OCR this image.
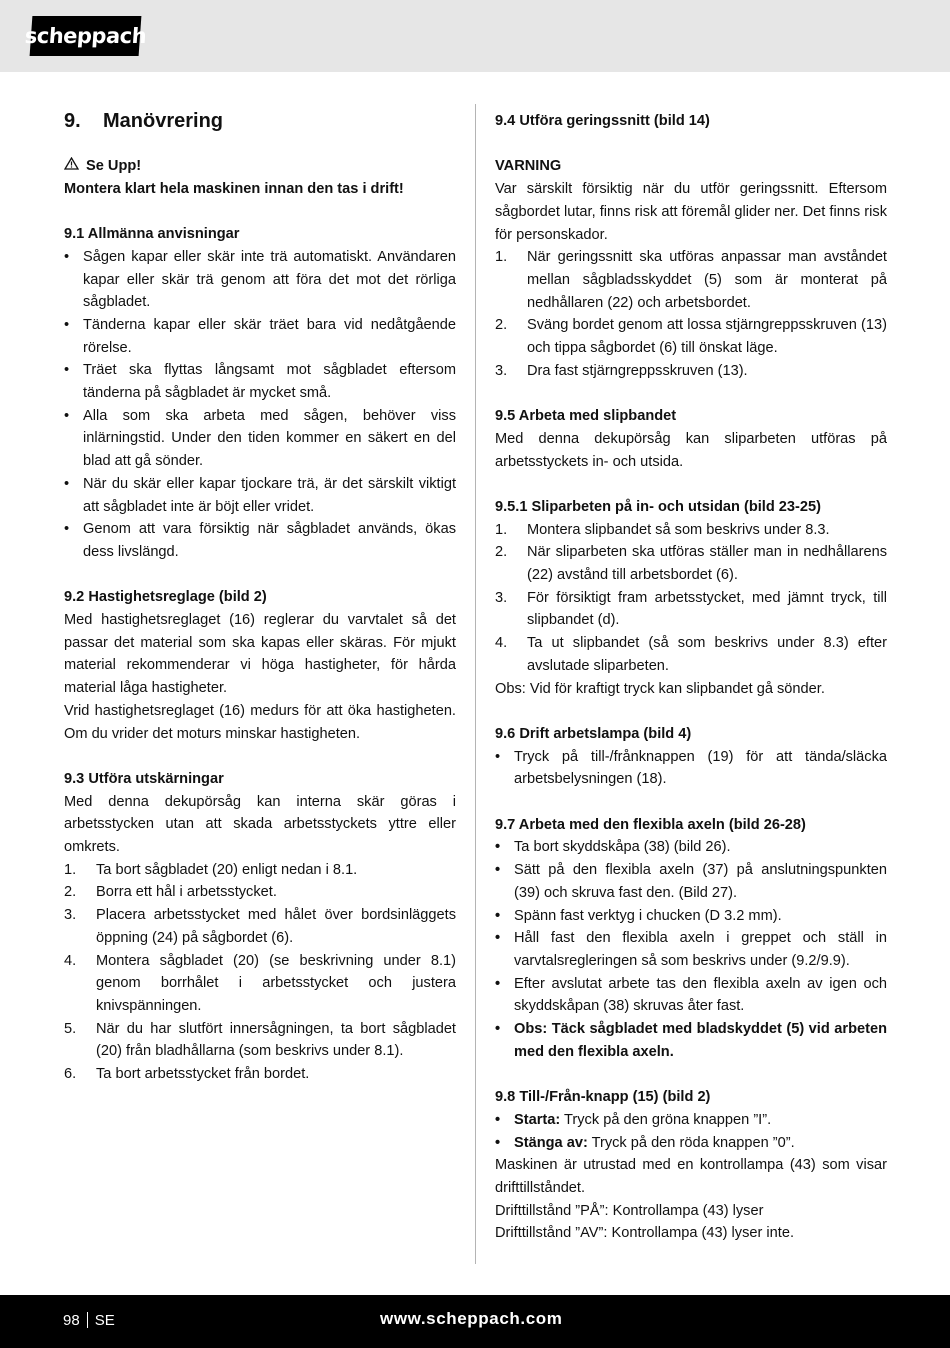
scheppach
9.	Manövrering
Se Upp!

Montera klart hela maskinen innan den tas i drift!

9.1 Allmänna anvisningar

• Sågen kapar eller skär inte trä automatiskt. Användaren kapar eller skär trä genom att föra det mot det rörliga sågbladet.
• Tänderna kapar eller skär träet bara vid nedåtgående rörelse.
• Träet ska flyttas långsamt mot sågbladet eftersom tänderna på sågbladet är mycket små.
• Alla som ska arbeta med sågen, behöver viss inlärningstid. Under den tiden kommer en säkert en del blad att gå sönder.
• När du skär eller kapar tjockare trä, är det särskilt viktigt att sågbladet inte är böjt eller vridet.
• Genom att vara försiktig när sågbladet används, ökas dess livslängd.

9.2 Hastighetsreglage (bild 2)

Med hastighetsreglaget (16) reglerar du varvtalet så det passar det material som ska kapas eller skäras. För mjukt material rekommenderar vi höga hastigheter, för hårda material låga hastigheter.

Vrid hastighetsreglaget (16) medurs för att öka hastigheten. Om du vrider det moturs minskar hastigheten.

9.3 Utföra utskärningar

Med denna dekupörsåg kan interna skär göras i arbetsstycken utan att skada arbetsstyckets yttre eller omkrets.

1. Ta bort sågbladet (20) enligt nedan i 8.1.
2. Borra ett hål i arbetsstycket.
3. Placera arbetsstycket med hålet över bordsinläggets öppning (24) på sågbordet (6).
4. Montera sågbladet (20) (se beskrivning under 8.1) genom borrhålet i arbetsstycket och justera knivspänningen.
5. När du har slutfört innersågningen, ta bort sågbladet (20) från bladhållarna (som beskrivs under 8.1).
6. Ta bort arbetsstycket från bordet.

9.4 Utföra geringssnitt (bild 14)

VARNING

Var särskilt försiktig när du utför geringssnitt. Eftersom sågbordet lutar, finns risk att föremål glider ner. Det finns risk för personskador.

1. När geringssnitt ska utföras anpassar man avståndet mellan sågbladsskyddet (5) som är monterat på nedhållaren (22) och arbetsbordet.
2. Sväng bordet genom att lossa stjärngreppsskruven (13) och tippa sågbordet (6) till önskat läge.
3. Dra fast stjärngreppsskruven (13).

9.5 Arbeta med slipbandet

Med denna dekupörsåg kan sliparbeten utföras på arbetsstyckets in- och utsida.

9.5.1 Sliparbeten på in- och utsidan (bild 23-25)

1. Montera slipbandet så som beskrivs under 8.3.
2. När sliparbeten ska utföras ställer man in nedhållarens (22) avstånd till arbetsbordet (6).
3. För försiktigt fram arbetsstycket, med jämnt tryck, till slipbandet (d).
4. Ta ut slipbandet (så som beskrivs under 8.3) efter avslutade sliparbeten.

Obs: Vid för kraftigt tryck kan slipbandet gå sönder.

9.6 Drift arbetslampa (bild 4)

• Tryck på till-/frånknappen (19) för att tända/släcka arbetsbelysningen (18).

9.7 Arbeta med den flexibla axeln (bild 26-28)

• Ta bort skyddskåpa (38) (bild 26).
• Sätt på den flexibla axeln (37) på anslutningspunkten (39) och skruva fast den. (Bild 27).
• Spänn fast verktyg i chucken (D 3.2 mm).
• Håll fast den flexibla axeln i greppet och ställ in varvtalsregleringen så som beskrivs under (9.2/9.9).
• Efter avslutat arbete tas den flexibla axeln av igen och skyddskåpan (38) skruvas åter fast.
• Obs: Täck sågbladet med bladskyddet (5) vid arbeten med den flexibla axeln.

9.8 Till-/Från-knapp (15) (bild 2)

• Starta: Tryck på den gröna knappen ”I”.
• Stänga av: Tryck på den röda knappen ”0”.

Maskinen är utrustad med en kontrollampa (43) som visar drifttillståndet.

Drifttillstånd ”PÅ”: Kontrollampa (43) lyser

Drifttillstånd ”AV”: Kontrollampa (43) lyser inte.

98 SE	www.scheppach.com
